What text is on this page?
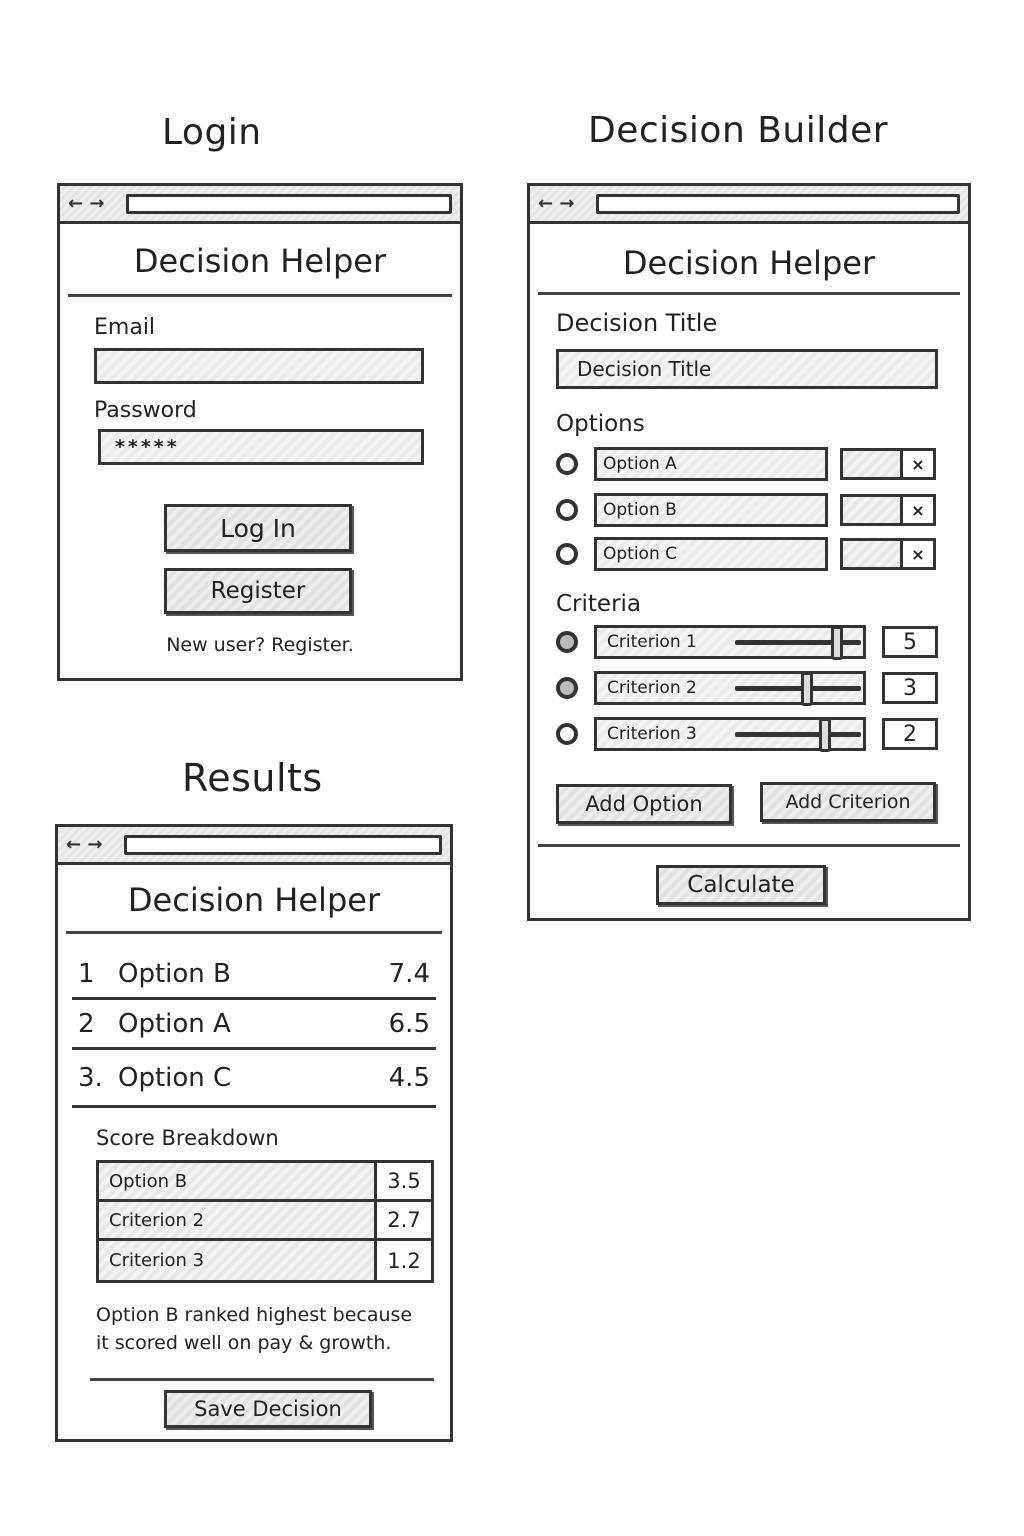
Login
← →
Decision Helper
Email
Password
*****
Log In
Register
New user? Register.
Decision Builder
← →
Decision Helper
Decision Title
Decision Title
Options
Option A	×
Option B	×
Option C	×
Criteria
Criterion 1	5
Criterion 2	3
Criterion 3	2
Add Option	Add Criterion
Calculate
Results
← →
Decision Helper
1 Option B	7.4
2 Option A	6.5
3. Option C	4.5
Score Breakdown
Option B	3.5
Criterion 2	2.7
Criterion 3	1.2
Option B ranked highest because
it scored well on pay & growth.
Save Decision
